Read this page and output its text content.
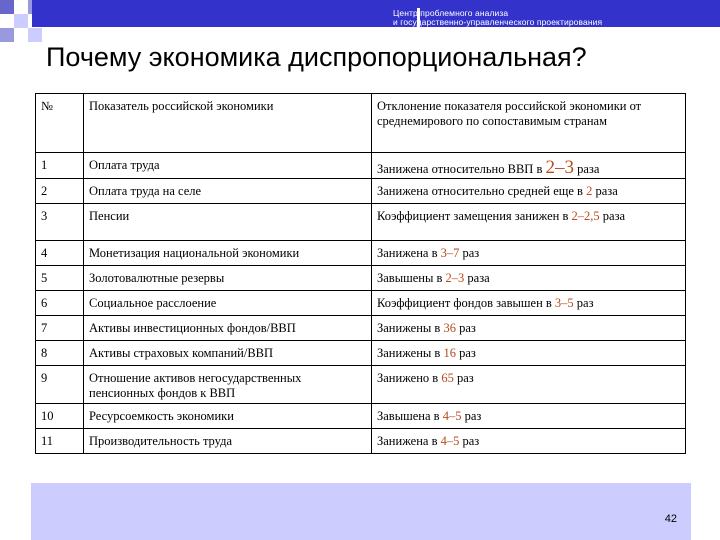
Центр проблемного анализа
и государственно-управленческого проектирования
Почему экономика диспропорциональная?
№	Показатель российской экономики	Отклонение показателя российской экономики от среднемирового по сопоставимым странам
1	Оплата труда	Занижена относительно ВВП в 2–3 раза
2	Оплата труда на селе	Занижена относительно средней еще в 2 раза
3	Пенсии	Коэффициент замещения занижен в 2–2,5 раза
4	Монетизация национальной экономики	Занижена в 3–7 раз
5	Золотовалютные резервы	Завышены в 2–3 раза
6	Социальное расслоение	Коэффициент фондов завышен в 3–5 раз
7	Активы инвестиционных фондов/ВВП	Занижены в 36 раз
8	Активы страховых компаний/ВВП	Занижены в 16 раз
9	Отношение активов негосударственных пенсионных фондов к ВВП	Занижено в 65 раз
10	Ресурсоемкость экономики	Завышена в 4–5 раз
11	Производительность труда	Занижена в 4–5 раз
42
